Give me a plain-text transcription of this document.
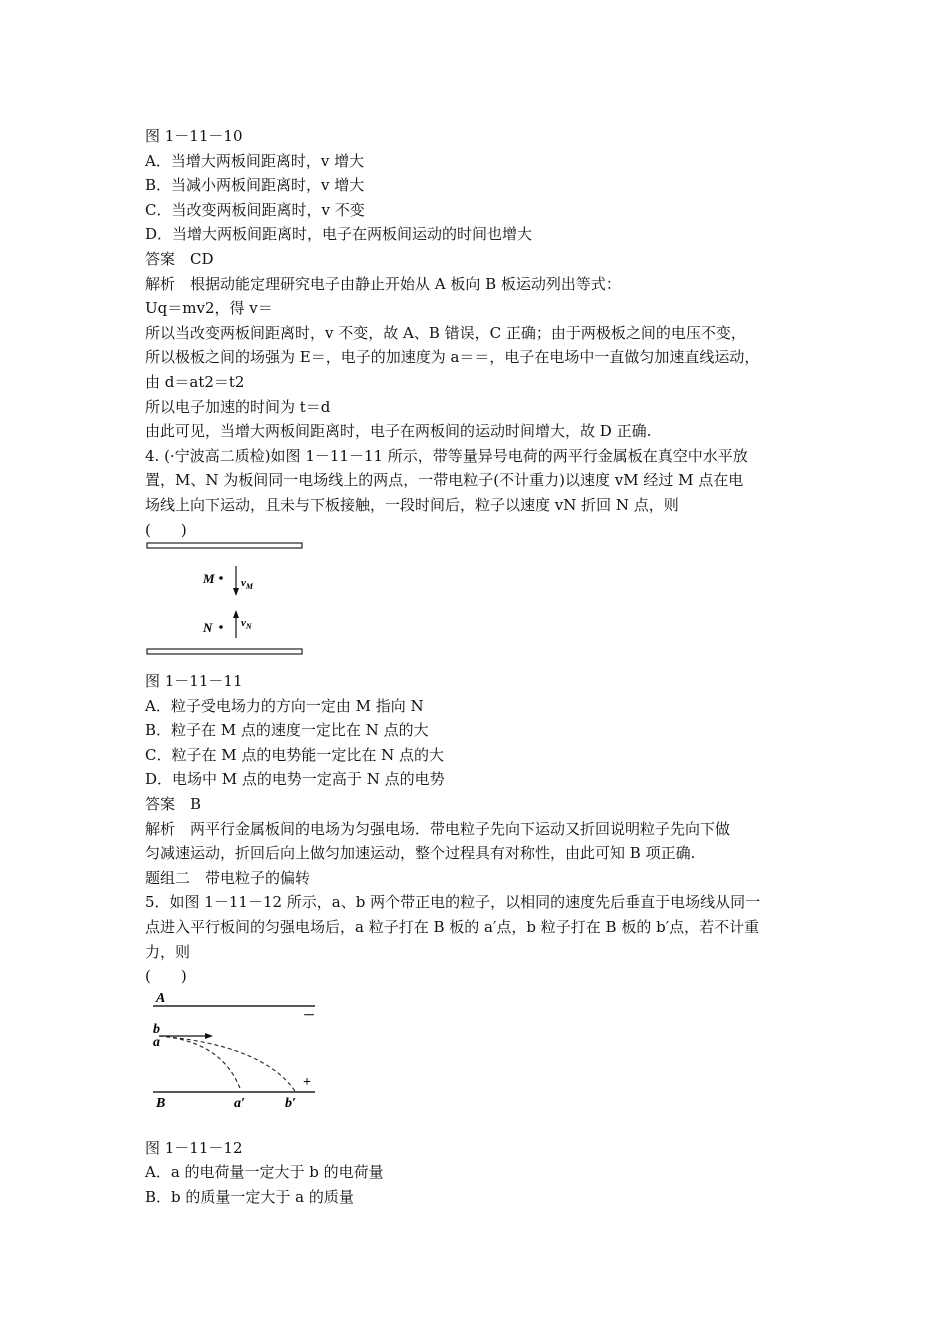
图 1－11－10
A．当增大两板间距离时，v 增大
B．当减小两板间距离时，v 增大
C．当改变两板间距离时，v 不变
D．当增大两板间距离时，电子在两板间运动的时间也增大
答案　CD
解析　根据动能定理研究电子由静止开始从 A 板向 B 板运动列出等式：
Uq＝mv2，得 v＝
所以当改变两板间距离时，v 不变，故 A、B 错误，C 正确；由于两极板之间的电压不变，
所以极板之间的场强为 E＝，电子的加速度为 a＝＝，电子在电场中一直做匀加速直线运动，
由 d＝at2＝t2
所以电子加速的时间为 t＝d
由此可见，当增大两板间距离时，电子在两板间的运动时间增大，故 D 正确.
4. (·宁波高二质检)如图 1－11－11 所示，带等量异号电荷的两平行金属板在真空中水平放
置，M、N 为板间同一电场线上的两点，一带电粒子(不计重力)以速度 vM 经过 M 点在电
场线上向下运动，且未与下板接触，一段时间后，粒子以速度 vN 折回 N 点，则
(　　)
M $v_M$
N	$v_N$
图 1－11－11
A．粒子受电场力的方向一定由 M 指向 N
B．粒子在 M 点的速度一定比在 N 点的大
C．粒子在 M 点的电势能一定比在 N 点的大
D．电场中 M 点的电势一定高于 N 点的电势
答案　B
解析　两平行金属板间的电场为匀强电场．带电粒子先向下运动又折回说明粒子先向下做
匀减速运动，折回后向上做匀加速运动，整个过程具有对称性，由此可知 B 项正确.
题组二　带电粒子的偏转
5．如图 1－11－12 所示，a、b 两个带正电的粒子，以相同的速度先后垂直于电场线从同一
点进入平行板间的匀强电场后，a 粒子打在 B 板的 a′点，b 粒子打在 B 板的 b′点，若不计重
力，则
(　　)
A
－
b
a
+
B	a′	b′
图 1－11－12
A．a 的电荷量一定大于 b 的电荷量
B．b 的质量一定大于 a 的质量
